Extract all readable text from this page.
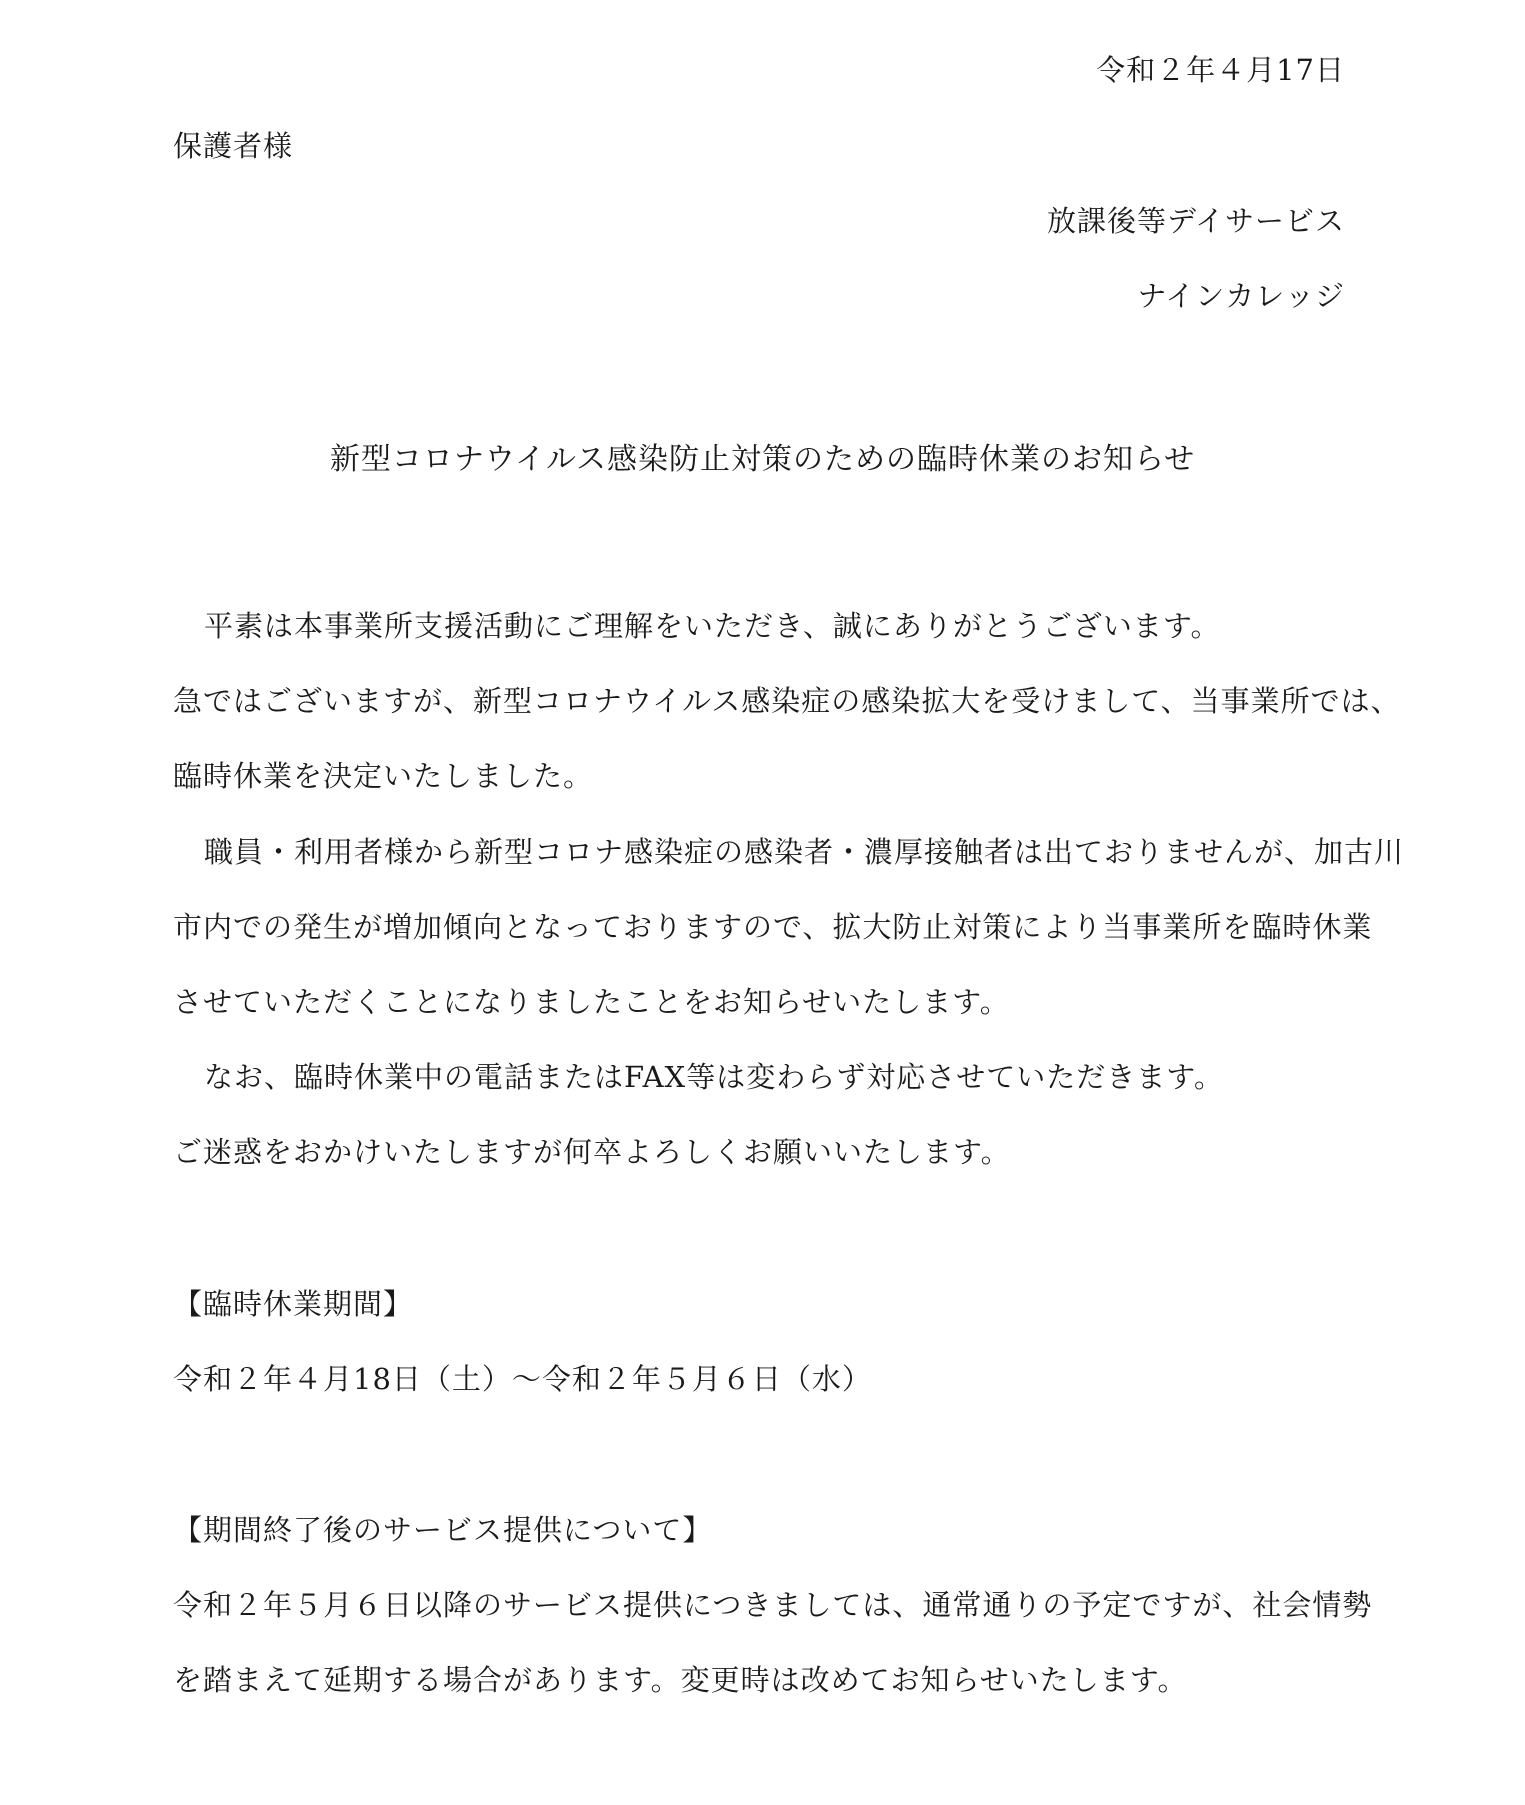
令和２年４月17日
保護者様
放課後等デイサービス
ナインカレッジ
新型コロナウイルス感染防止対策のための臨時休業のお知らせ
平素は本事業所支援活動にご理解をいただき、誠にありがとうございます。
急ではございますが、新型コロナウイルス感染症の感染拡大を受けまして、当事業所では、
臨時休業を決定いたしました。
職員・利用者様から新型コロナ感染症の感染者・濃厚接触者は出ておりませんが、加古川
市内での発生が増加傾向となっておりますので、拡大防止対策により当事業所を臨時休業
させていただくことになりましたことをお知らせいたします。
なお、臨時休業中の電話またはFAX等は変わらず対応させていただきます。
ご迷惑をおかけいたしますが何卒よろしくお願いいたします。
【臨時休業期間】
令和２年４月18日（土）～令和２年５月６日（水）
【期間終了後のサービス提供について】
令和２年５月６日以降のサービス提供につきましては、通常通りの予定ですが、社会情勢
を踏まえて延期する場合があります。変更時は改めてお知らせいたします。
